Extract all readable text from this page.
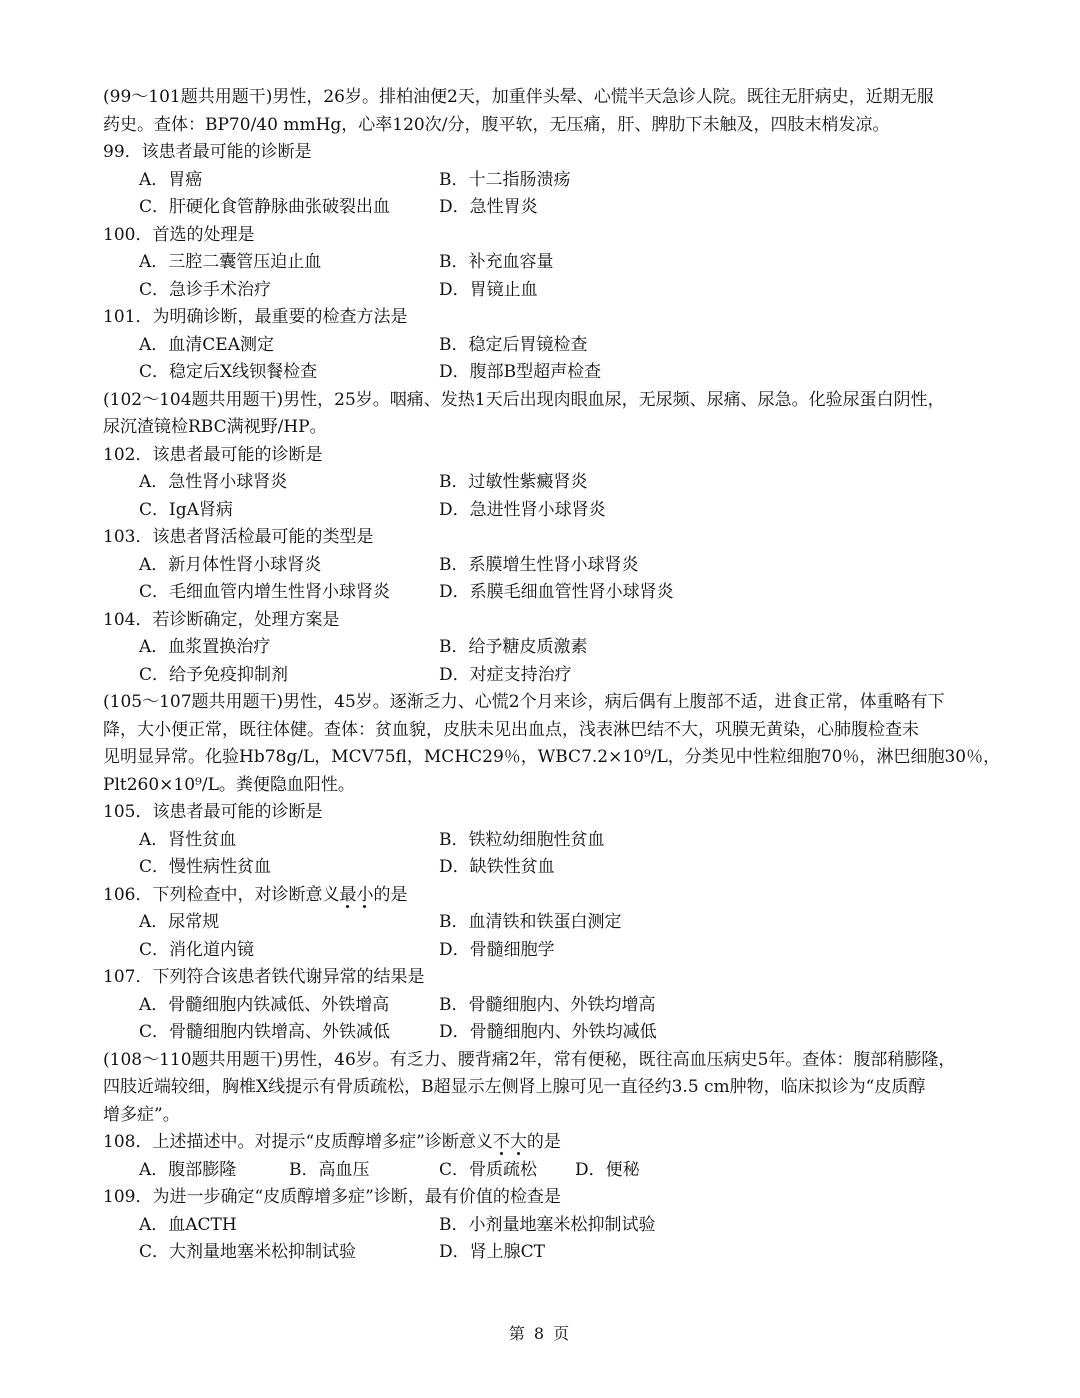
(99～101题共用题干)男性，26岁。排柏油便2天，加重伴头晕、心慌半天急诊人院。既往无肝病史，近期无服
药史。查体：BP70/40 mmHg，心率120次/分，腹平软，无压痛，肝、脾肋下未触及，四肢末梢发凉。
99．该患者最可能的诊断是
A．胃癌	B．十二指肠溃疡
C．肝硬化食管静脉曲张破裂出血	D．急性胃炎
100．首选的处理是
A．三腔二囊管压迫止血	B．补充血容量
C．急诊手术治疗	D．胃镜止血
101．为明确诊断，最重要的检查方法是
A．血清CEA测定	B．稳定后胃镜检查
C．稳定后X线钡餐检查	D．腹部B型超声检查
(102～104题共用题干)男性，25岁。咽痛、发热1天后出现肉眼血尿，无尿频、尿痛、尿急。化验尿蛋白阴性，
尿沉渣镜检RBC满视野/HP。
102．该患者最可能的诊断是
A．急性肾小球肾炎	B．过敏性紫癜肾炎
C．IgA肾病	D．急进性肾小球肾炎
103．该患者肾活检最可能的类型是
A．新月体性肾小球肾炎	B．系膜增生性肾小球肾炎
C．毛细血管内增生性肾小球肾炎	D．系膜毛细血管性肾小球肾炎
104．若诊断确定，处理方案是
A．血浆置换治疗	B．给予糖皮质激素
C．给予免疫抑制剂	D．对症支持治疗
(105～107题共用题干)男性，45岁。逐渐乏力、心慌2个月来诊，病后偶有上腹部不适，进食正常，体重略有下
降，大小便正常，既往体健。查体：贫血貌，皮肤未见出血点，浅表淋巴结不大，巩膜无黄染，心肺腹检查未
见明显异常。化验Hb78g/L，MCV75fl，MCHC29％，WBC7.2×10⁹/L，分类见中性粒细胞70％，淋巴细胞30％，
Plt260×10⁹/L。粪便隐血阳性。
105．该患者最可能的诊断是
A．肾性贫血	B．铁粒幼细胞性贫血
C．慢性病性贫血	D．缺铁性贫血
106．下列检查中，对诊断意义最小的是
A．尿常规	B．血清铁和铁蛋白测定
C．消化道内镜	D．骨髓细胞学
107．下列符合该患者铁代谢异常的结果是
A．骨髓细胞内铁减低、外铁增高	B．骨髓细胞内、外铁均增高
C．骨髓细胞内铁增高、外铁减低	D．骨髓细胞内、外铁均减低
(108～110题共用题干)男性，46岁。有乏力、腰背痛2年，常有便秘，既往高血压病史5年。查体：腹部稍膨隆，
四肢近端较细，胸椎X线提示有骨质疏松，B超显示左侧肾上腺可见一直径约3.5 cm肿物，临床拟诊为“皮质醇
增多症”。
108．上述描述中。对提示“皮质醇增多症”诊断意义不大的是
A．腹部膨隆	B．高血压	C．骨质疏松 D．便秘
109．为进一步确定“皮质醇增多症”诊断，最有价值的检查是
A．血ACTH	B．小剂量地塞米松抑制试验
C．大剂量地塞米松抑制试验	D．肾上腺CT
第 8 页
